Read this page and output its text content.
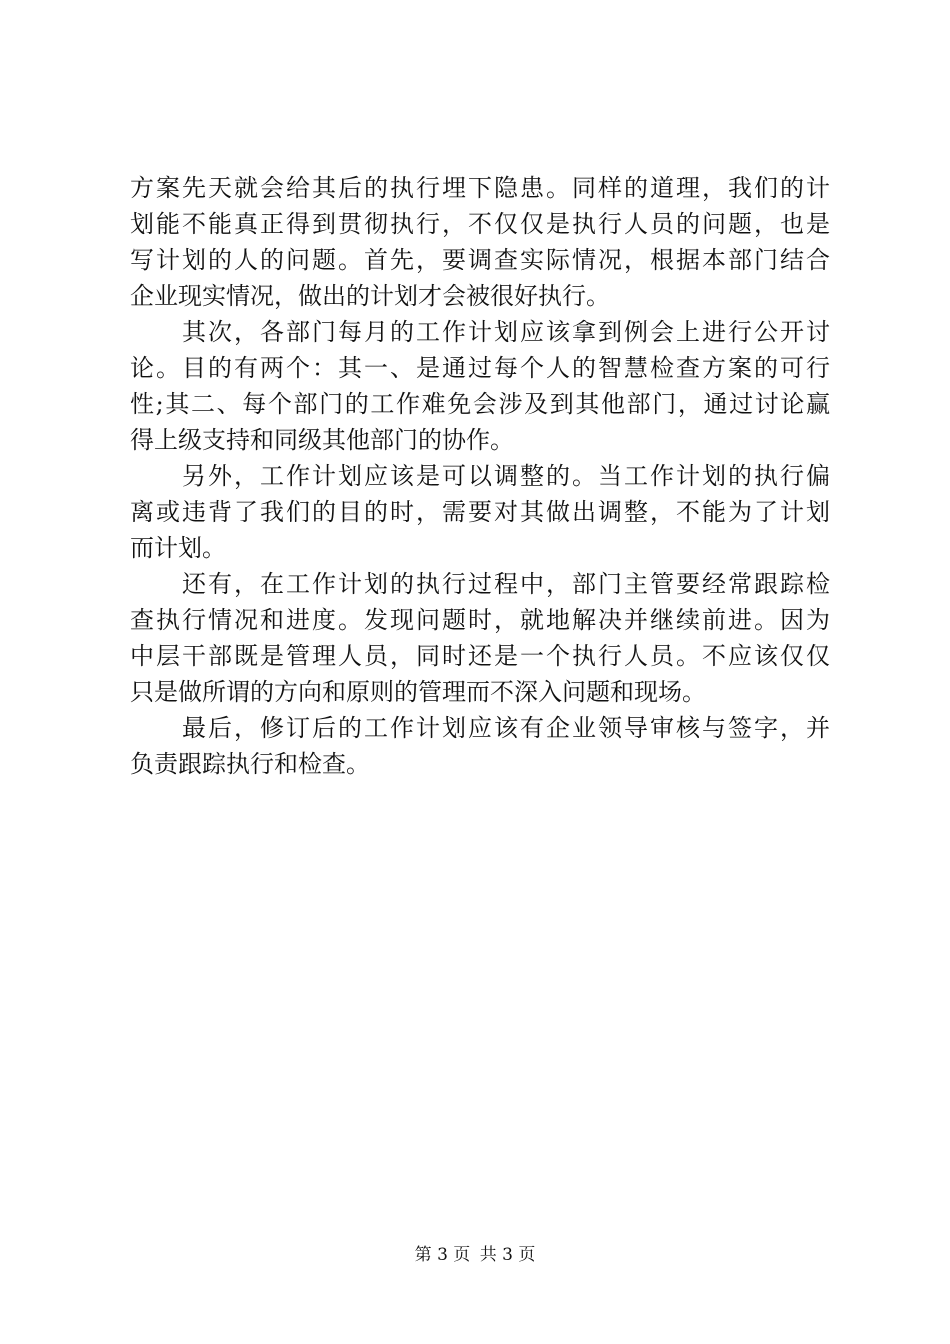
方案先天就会给其后的执行埋下隐患。同样的道理，我们的计
划能不能真正得到贯彻执行，不仅仅是执行人员的问题，也是
写计划的人的问题。首先，要调查实际情况，根据本部门结合
企业现实情况，做出的计划才会被很好执行。
　　其次，各部门每月的工作计划应该拿到例会上进行公开讨
论。目的有两个：其一、是通过每个人的智慧检查方案的可行
性;其二、每个部门的工作难免会涉及到其他部门，通过讨论赢
得上级支持和同级其他部门的协作。
　　另外，工作计划应该是可以调整的。当工作计划的执行偏
离或违背了我们的目的时，需要对其做出调整，不能为了计划
而计划。
　　还有，在工作计划的执行过程中，部门主管要经常跟踪检
查执行情况和进度。发现问题时，就地解决并继续前进。因为
中层干部既是管理人员，同时还是一个执行人员。不应该仅仅
只是做所谓的方向和原则的管理而不深入问题和现场。
　　最后，修订后的工作计划应该有企业领导审核与签字，并
负责跟踪执行和检查。
第 3 页 共 3 页
